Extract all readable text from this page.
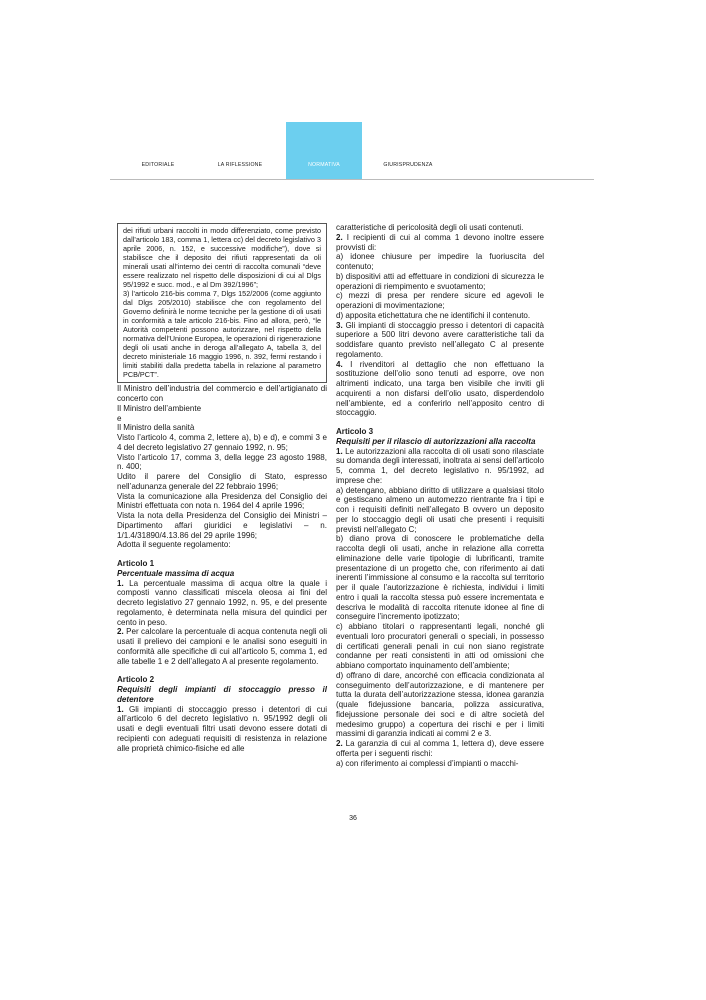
EDITORIALE	LA RIFLESSIONE	NORMATIVA	GIURISPRUDENZA

dei rifiuti urbani raccolti in modo differenziato, come previsto dall’articolo 183, comma 1, lettera cc) del decreto legislativo 3 aprile 2006, n. 152, e successive modifiche”), dove si stabilisce che il deposito dei rifiuti rappresentati da oli minerali usati all’interno dei centri di raccolta comunali “deve essere realizzato nel rispetto delle disposizioni di cui al Dlgs 95/1992 e succ. mod., e al Dm 392/1996”;

3) l’articolo 216-bis comma 7, Dlgs 152/2006 (come aggiunto dal Dlgs 205/2010) stabilisce che con regolamento del Governo definirà le norme tecniche per la gestione di oli usati in conformità a tale articolo 216-bis. Fino ad allora, però, “le Autorità competenti possono autorizzare, nel rispetto della normativa dell’Unione Europea, le operazioni di rigenerazione degli oli usati anche in deroga all’allegato A, tabella 3, del decreto ministeriale 16 maggio 1996, n. 392, fermi restando i limiti stabiliti dalla predetta tabella in relazione al parametro PCB/PCT”.

Il Ministro dell’industria del commercio e dell’artigianato di concerto con

Il Ministro dell’ambiente

e

Il Ministro della sanità

Visto l’articolo 4, comma 2, lettere a), b) e d), e commi 3 e 4 del decreto legislativo 27 gennaio 1992, n. 95;

Visto l’articolo 17, comma 3, della legge 23 agosto 1988, n. 400;

Udito il parere del Consiglio di Stato, espresso nell’adunanza generale del 22 febbraio 1996;

Vista la comunicazione alla Presidenza del Consiglio dei Ministri effettuata con nota n. 1964 del 4 aprile 1996;

Vista la nota della Presidenza del Consiglio dei Ministri – Dipartimento affari giuridici e legislativi – n. 1/1.4/31890/4.13.86 del 29 aprile 1996;

Adotta il seguente regolamento:

Articolo 1

Percentuale massima di acqua

1. La percentuale massima di acqua oltre la quale i composti vanno classificati miscela oleosa ai fini del decreto legislativo 27 gennaio 1992, n. 95, e del presente regolamento, è determinata nella misura del quindici per cento in peso.

2. Per calcolare la percentuale di acqua contenuta negli oli usati il prelievo dei campioni e le analisi sono eseguiti in conformità alle specifiche di cui all’articolo 5, comma 1, ed alle tabelle 1 e 2 dell’allegato A al presente regolamento.

Articolo 2

Requisiti degli impianti di stoccaggio presso il detentore

1. Gli impianti di stoccaggio presso i detentori di cui all’articolo 6 del decreto legislativo n. 95/1992 degli oli usati e degli eventuali filtri usati devono essere dotati di recipienti con adeguati requisiti di resistenza in relazione alle proprietà chimico-fisiche ed alle

caratteristiche di pericolosità degli oli usati contenuti.

2. I recipienti di cui al comma 1 devono inoltre essere provvisti di:

a) idonee chiusure per impedire la fuoriuscita del contenuto;

b) dispositivi atti ad effettuare in condizioni di sicurezza le operazioni di riempimento e svuotamento;

c) mezzi di presa per rendere sicure ed agevoli le operazioni di movimentazione;

d) apposita etichettatura che ne identifichi il contenuto.

3. Gli impianti di stoccaggio presso i detentori di capacità superiore a 500 litri devono avere caratteristiche tali da soddisfare quanto previsto nell’allegato C al presente regolamento.

4. I rivenditori al dettaglio che non effettuano la sostituzione dell’olio sono tenuti ad esporre, ove non altrimenti indicato, una targa ben visibile che inviti gli acquirenti a non disfarsi dell’olio usato, disperdendolo nell’ambiente, ed a conferirlo nell’apposito centro di stoccaggio.

Articolo 3

Requisiti per il rilascio di autorizzazioni alla raccolta

1. Le autorizzazioni alla raccolta di oli usati sono rilasciate su domanda degli interessati, inoltrata ai sensi dell’articolo 5, comma 1, del decreto legislativo n. 95/1992, ad imprese che:

a) detengano, abbiano diritto di utilizzare a qualsiasi titolo e gestiscano almeno un automezzo rientrante fra i tipi e con i requisiti definiti nell’allegato B ovvero un deposito per lo stoccaggio degli oli usati che presenti i requisiti previsti nell’allegato C;

b) diano prova di conoscere le problematiche della raccolta degli oli usati, anche in relazione alla corretta eliminazione delle varie tipologie di lubrificanti, tramite presentazione di un progetto che, con riferimento ai dati inerenti l’immissione al consumo e la raccolta sul territorio per il quale l’autorizzazione è richiesta, individui i limiti entro i quali la raccolta stessa può essere incrementata e descriva le modalità di raccolta ritenute idonee al fine di conseguire l’incremento ipotizzato;

c) abbiano titolari o rappresentanti legali, nonché gli eventuali loro procuratori generali o speciali, in possesso di certificati generali penali in cui non siano registrate condanne per reati consistenti in atti od omissioni che abbiano comportato inquinamento dell’ambiente;

d) offrano di dare, ancorché con efficacia condizionata al conseguimento dell’autorizzazione, e di mantenere per tutta la durata dell’autorizzazione stessa, idonea garanzia (quale fidejussione bancaria, polizza assicurativa, fidejussione personale dei soci e di altre società del medesimo gruppo) a copertura dei rischi e per i limiti massimi di garanzia indicati ai commi 2 e 3.

2. La garanzia di cui al comma 1, lettera d), deve essere offerta per i seguenti rischi:

a) con riferimento ai complessi d’impianti o macchi-

36
